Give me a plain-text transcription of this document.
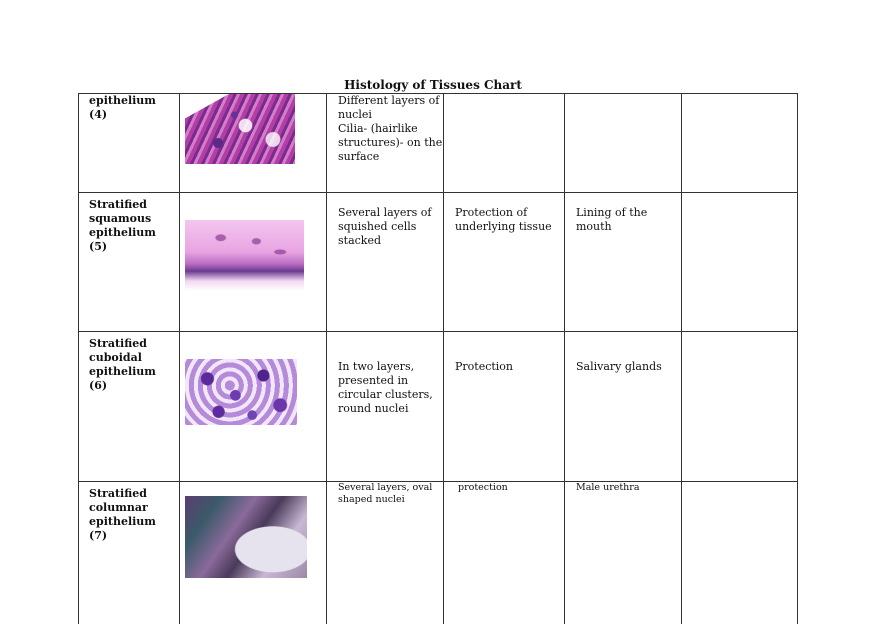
Histology of Tissues Chart
epithelium
(4)		Different layers of nuclei
Cilia- (hairlike structures)- on the surface			

Stratified squamous epithelium
(5)		Several layers of squished cells stacked	Protection of underlying tissue	Lining of the mouth	

Stratified cuboidal epithelium
(6)		In two layers, presented in circular clusters, round nuclei	Protection	Salivary glands	

Stratified columnar epithelium
(7)		Several layers, oval shaped nuclei	protection	Male urethra	
